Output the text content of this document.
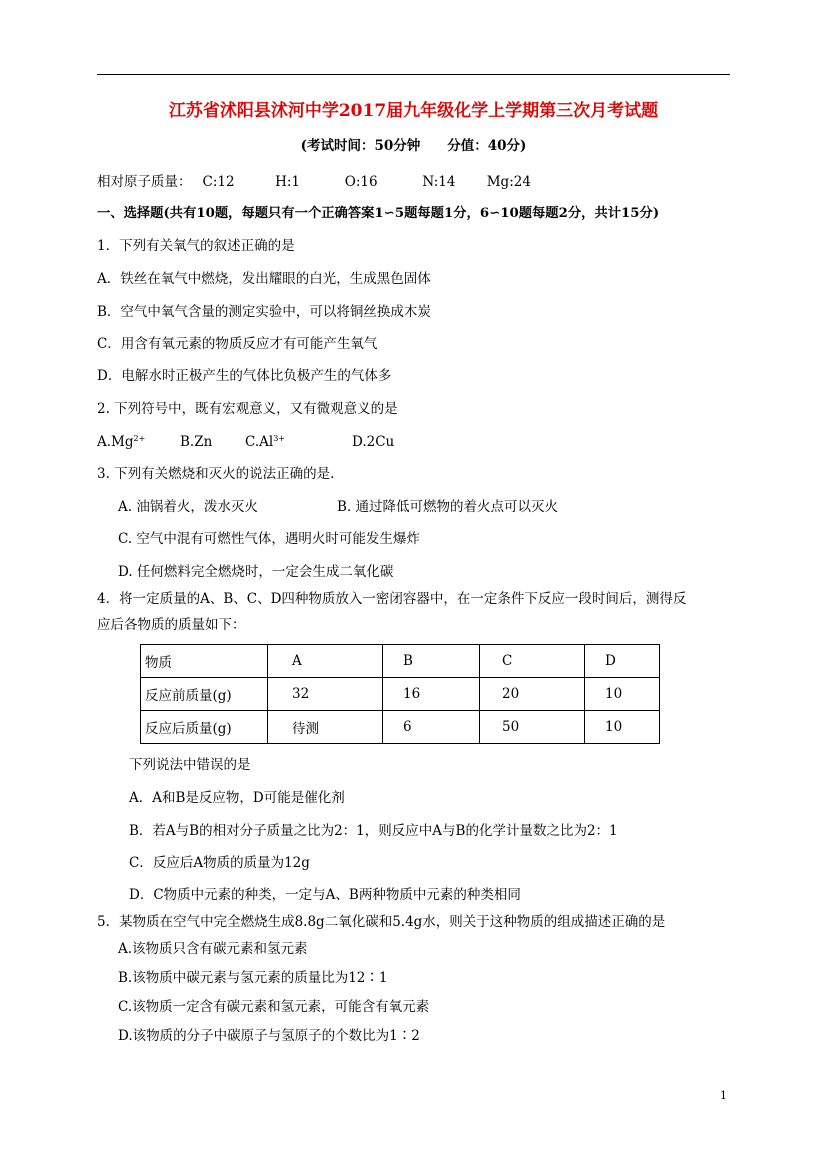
江苏省沭阳县沭河中学2017届九年级化学上学期第三次月考试题
(考试时间：50分钟　　分值：40分)
相对原子质量：　 C:12　　　H:1　　　 O:16　　　 N:14　　 Mg:24
一、选择题(共有10题，每题只有一个正确答案1∽5题每题1分，6∽10题每题2分，共计15分)
1．下列有关氧气的叙述正确的是
A．铁丝在氧气中燃烧，发出耀眼的白光，生成黑色固体
B．空气中氧气含量的测定实验中，可以将铜丝换成木炭
C．用含有氧元素的物质反应才有可能产生氧气
D．电解水时正极产生的气体比负极产生的气体多
2. 下列符号中，既有宏观意义，又有微观意义的是
$A.Mg^{2+}$	B.Zn $C.Al^{3+}$	D.2Cu
3. 下列有关燃烧和灭火的说法正确的是.
A. 油锅着火，泼水灭火	B. 通过降低可燃物的着火点可以灭火
C. 空气中混有可燃性气体，遇明火时可能发生爆炸
D. 任何燃料完全燃烧时，一定会生成二氧化碳
4．将一定质量的A、B、C、D四种物质放入一密闭容器中，在一定条件下反应一段时间后，测得反
应后各物质的质量如下：
物质	A	B	C	D
反应前质量(g)	32	16	20	10
反应后质量(g)	待测	6	50	10
下列说法中错误的是
A．A和B是反应物，D可能是催化剂
B．若A与B的相对分子质量之比为2：1，则反应中A与B的化学计量数之比为2：1
C．反应后A物质的质量为12g
D．C物质中元素的种类，一定与A、B两种物质中元素的种类相同
5．某物质在空气中完全燃烧生成8.8g二氧化碳和5.4g水，则关于这种物质的组成描述正确的是
A.该物质只含有碳元素和氢元素
B.该物质中碳元素与氢元素的质量比为12∶1
C.该物质一定含有碳元素和氢元素，可能含有氧元素
D.该物质的分子中碳原子与氢原子的个数比为1∶2
1
